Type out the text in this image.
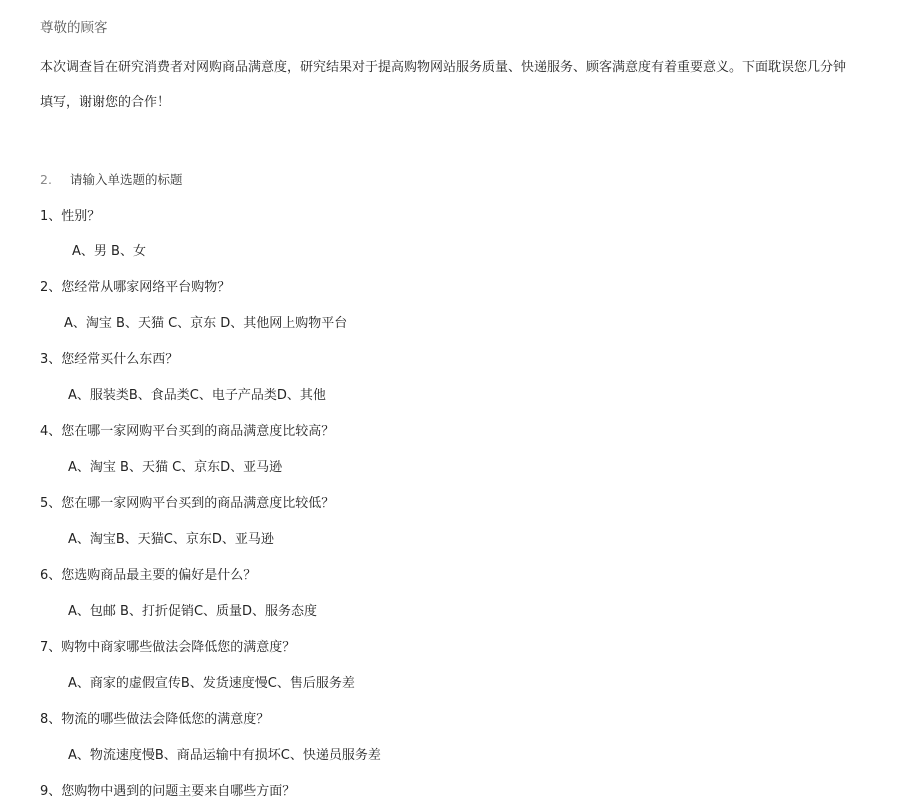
尊敬的顾客
本次调查旨在研究消费者对网购商品满意度，研究结果对于提高购物网站服务质量、快递服务、顾客满意度有着重要意义。下面耽误您几分钟
填写，谢谢您的合作！
2. 请输入单选题的标题
1、性别？
A、男 B、女
2、您经常从哪家网络平台购物？
A、淘宝 B、天猫 C、京东 D、其他网上购物平台
3、您经常买什么东西？
A、服装类B、食品类C、电子产品类D、其他
4、您在哪一家网购平台买到的商品满意度比较高？
A、淘宝 B、天猫 C、京东D、亚马逊
5、您在哪一家网购平台买到的商品满意度比较低？
A、淘宝B、天猫C、京东D、亚马逊
6、您选购商品最主要的偏好是什么？
A、包邮 B、打折促销C、质量D、服务态度
7、购物中商家哪些做法会降低您的满意度？
A、商家的虚假宣传B、发货速度慢C、售后服务差
8、物流的哪些做法会降低您的满意度？
A、物流速度慢B、商品运输中有损坏C、快递员服务差
9、您购物中遇到的问题主要来自哪些方面？
